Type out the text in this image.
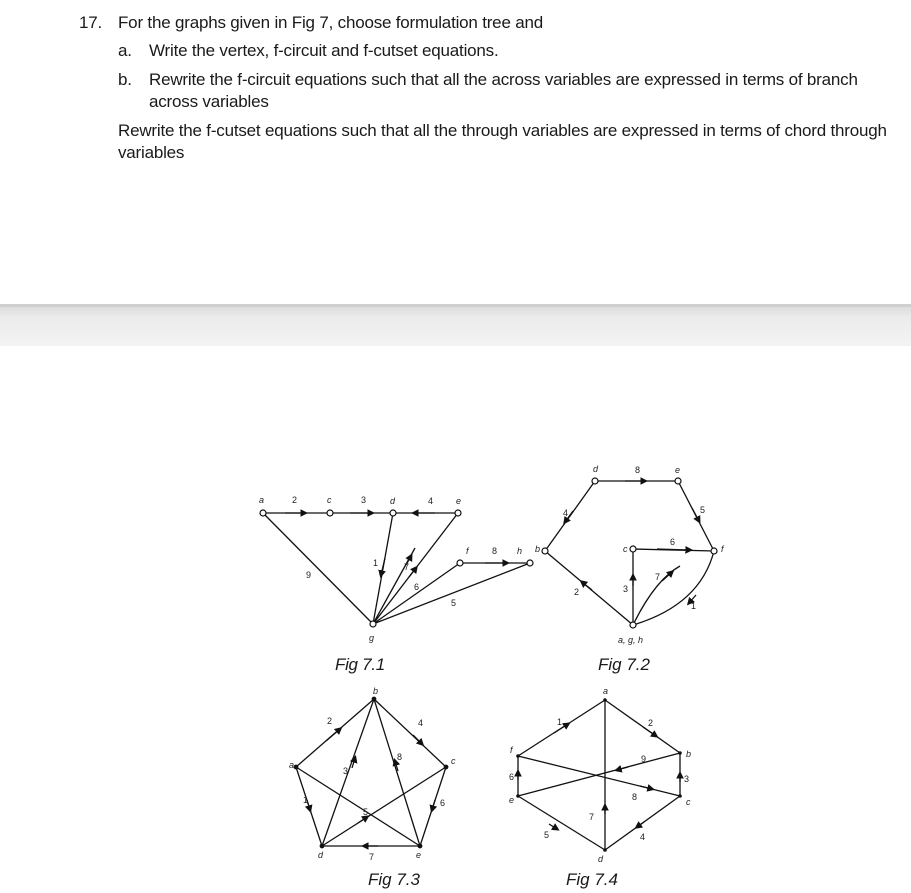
17. For the graphs given in Fig 7, choose formulation tree and
a. Write the vertex, f-circuit and f-cutset equations.
b. Rewrite the f-circuit equations such that all the across variables are expressed in terms of branch
across variables
Rewrite the f-cutset equations such that all the through variables are expressed in terms of chord through
variables
a	c	d	e
f	h
g
2	3	4
9
1	7
6
5
8
Fig 7.1
d	e
b	f
c
a, g, h
8
4	5
6
2	3
7
1
Fig 7.2
b
a	c
d	e
2	4
1
3
8
5
6
7
Fig 7.3
a
f
e
b
c
d
1	2
6	3
9
8
7
5	4
Fig 7.4
